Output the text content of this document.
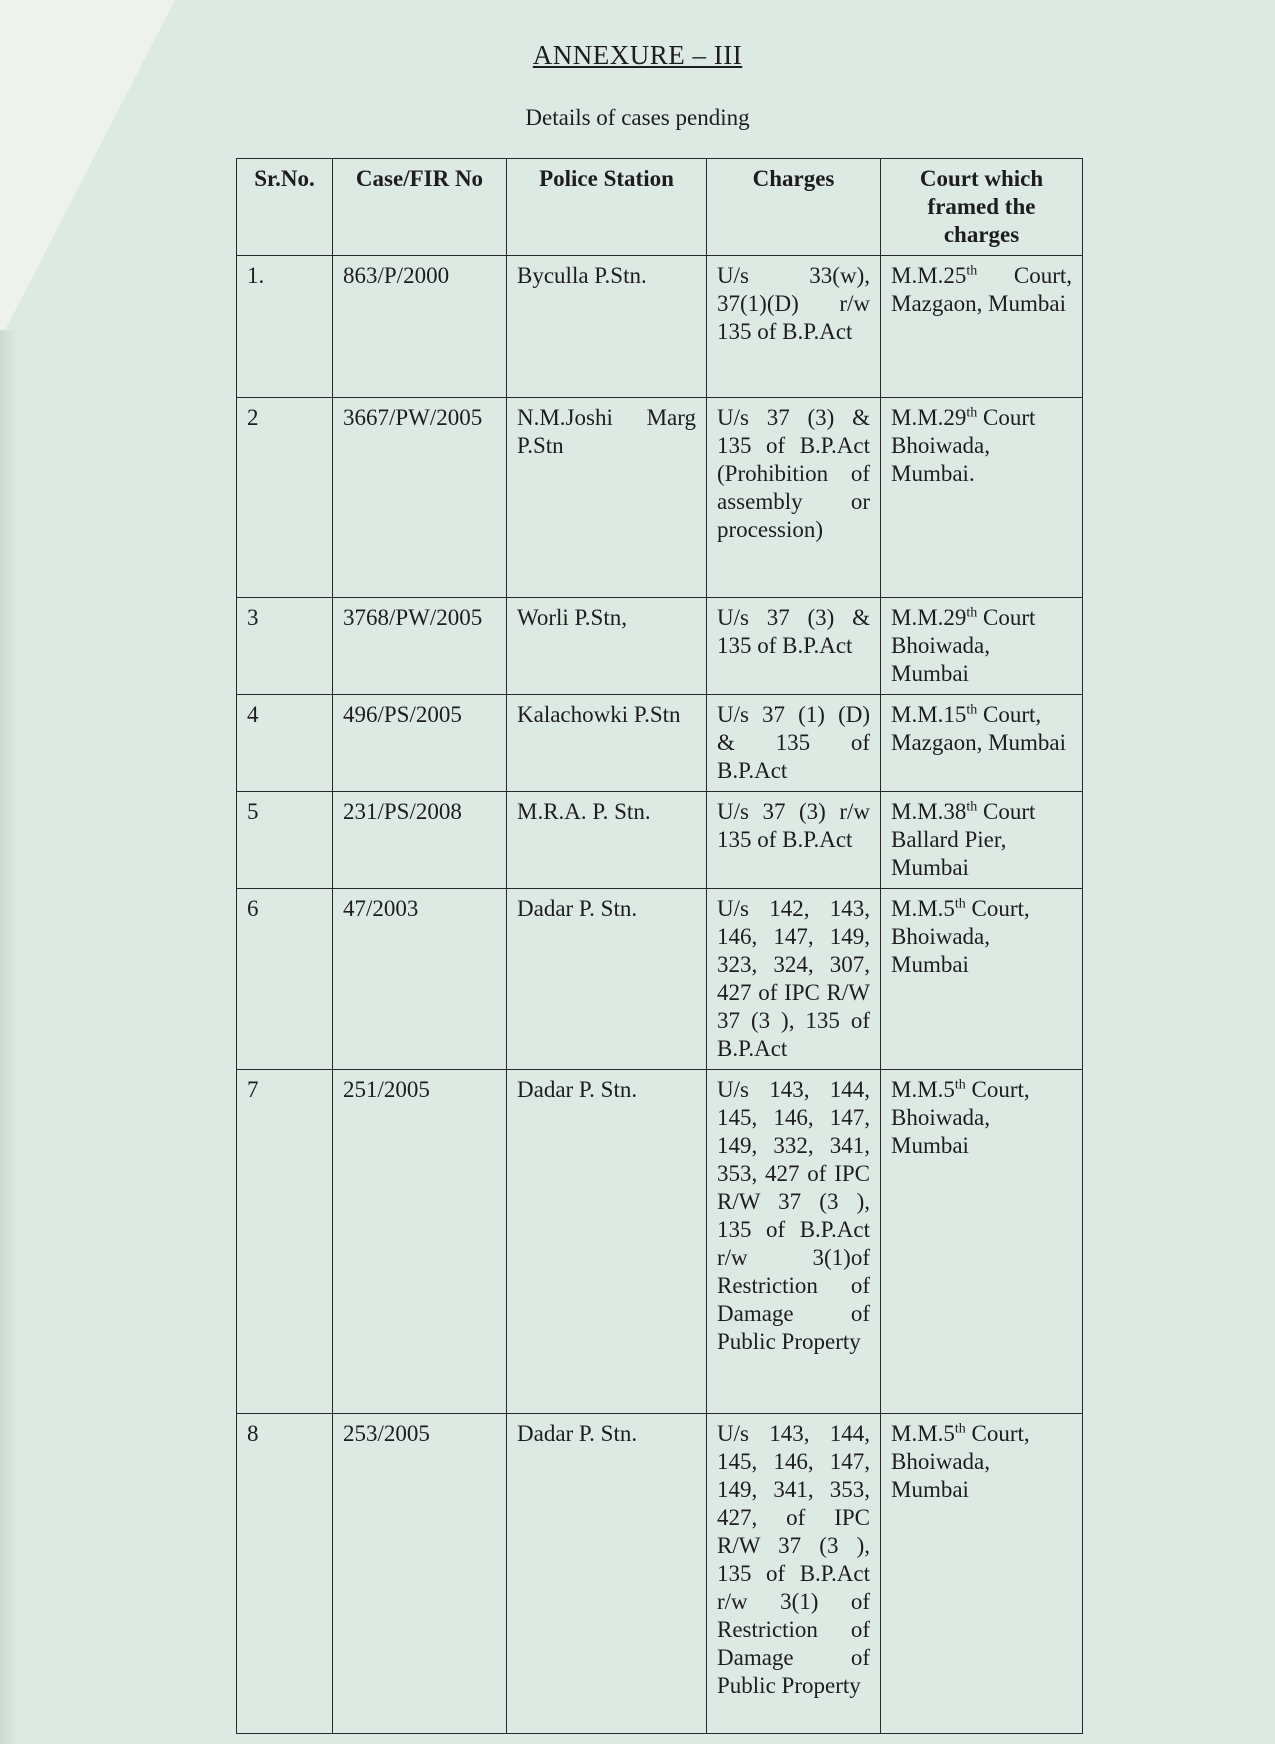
ANNEXURE – III
Details of cases pending
Sr.No.	Case/FIR No	Police Station	Charges	Court which framed the charges
1.	863/P/2000	Byculla P.Stn.	U/s 33(w), 37(1)(D) r/w 135 of B.P.Act	M.M.25th Court, Mazgaon, Mumbai
2	3667/PW/2005	N.M.Joshi Marg P.Stn	U/s 37 (3) & 135 of B.P.Act (Prohibition of assembly or procession)	M.M.29th Court Bhoiwada, Mumbai.
3	3768/PW/2005	Worli P.Stn,	U/s 37 (3) & 135 of B.P.Act	M.M.29th Court Bhoiwada, Mumbai
4	496/PS/2005	Kalachowki P.Stn	U/s 37 (1) (D) & 135 of B.P.Act	M.M.15th Court, Mazgaon, Mumbai
5	231/PS/2008	M.R.A. P. Stn.	U/s 37 (3) r/w 135 of B.P.Act	M.M.38th Court Ballard Pier, Mumbai
6	47/2003	Dadar P. Stn.	U/s 142, 143, 146, 147, 149, 323, 324, 307, 427 of IPC R/W 37 (3 ), 135 of B.P.Act	M.M.5th Court, Bhoiwada, Mumbai
7	251/2005	Dadar P. Stn.	U/s 143, 144, 145, 146, 147, 149, 332, 341, 353, 427 of IPC R/W 37 (3 ), 135 of B.P.Act r/w 3(1)of Restriction of Damage of Public Property	M.M.5th Court, Bhoiwada, Mumbai
8	253/2005	Dadar P. Stn.	U/s 143, 144, 145, 146, 147, 149, 341, 353, 427, of IPC R/W 37 (3 ), 135 of B.P.Act r/w 3(1) of Restriction of Damage of Public Property	M.M.5th Court, Bhoiwada, Mumbai
